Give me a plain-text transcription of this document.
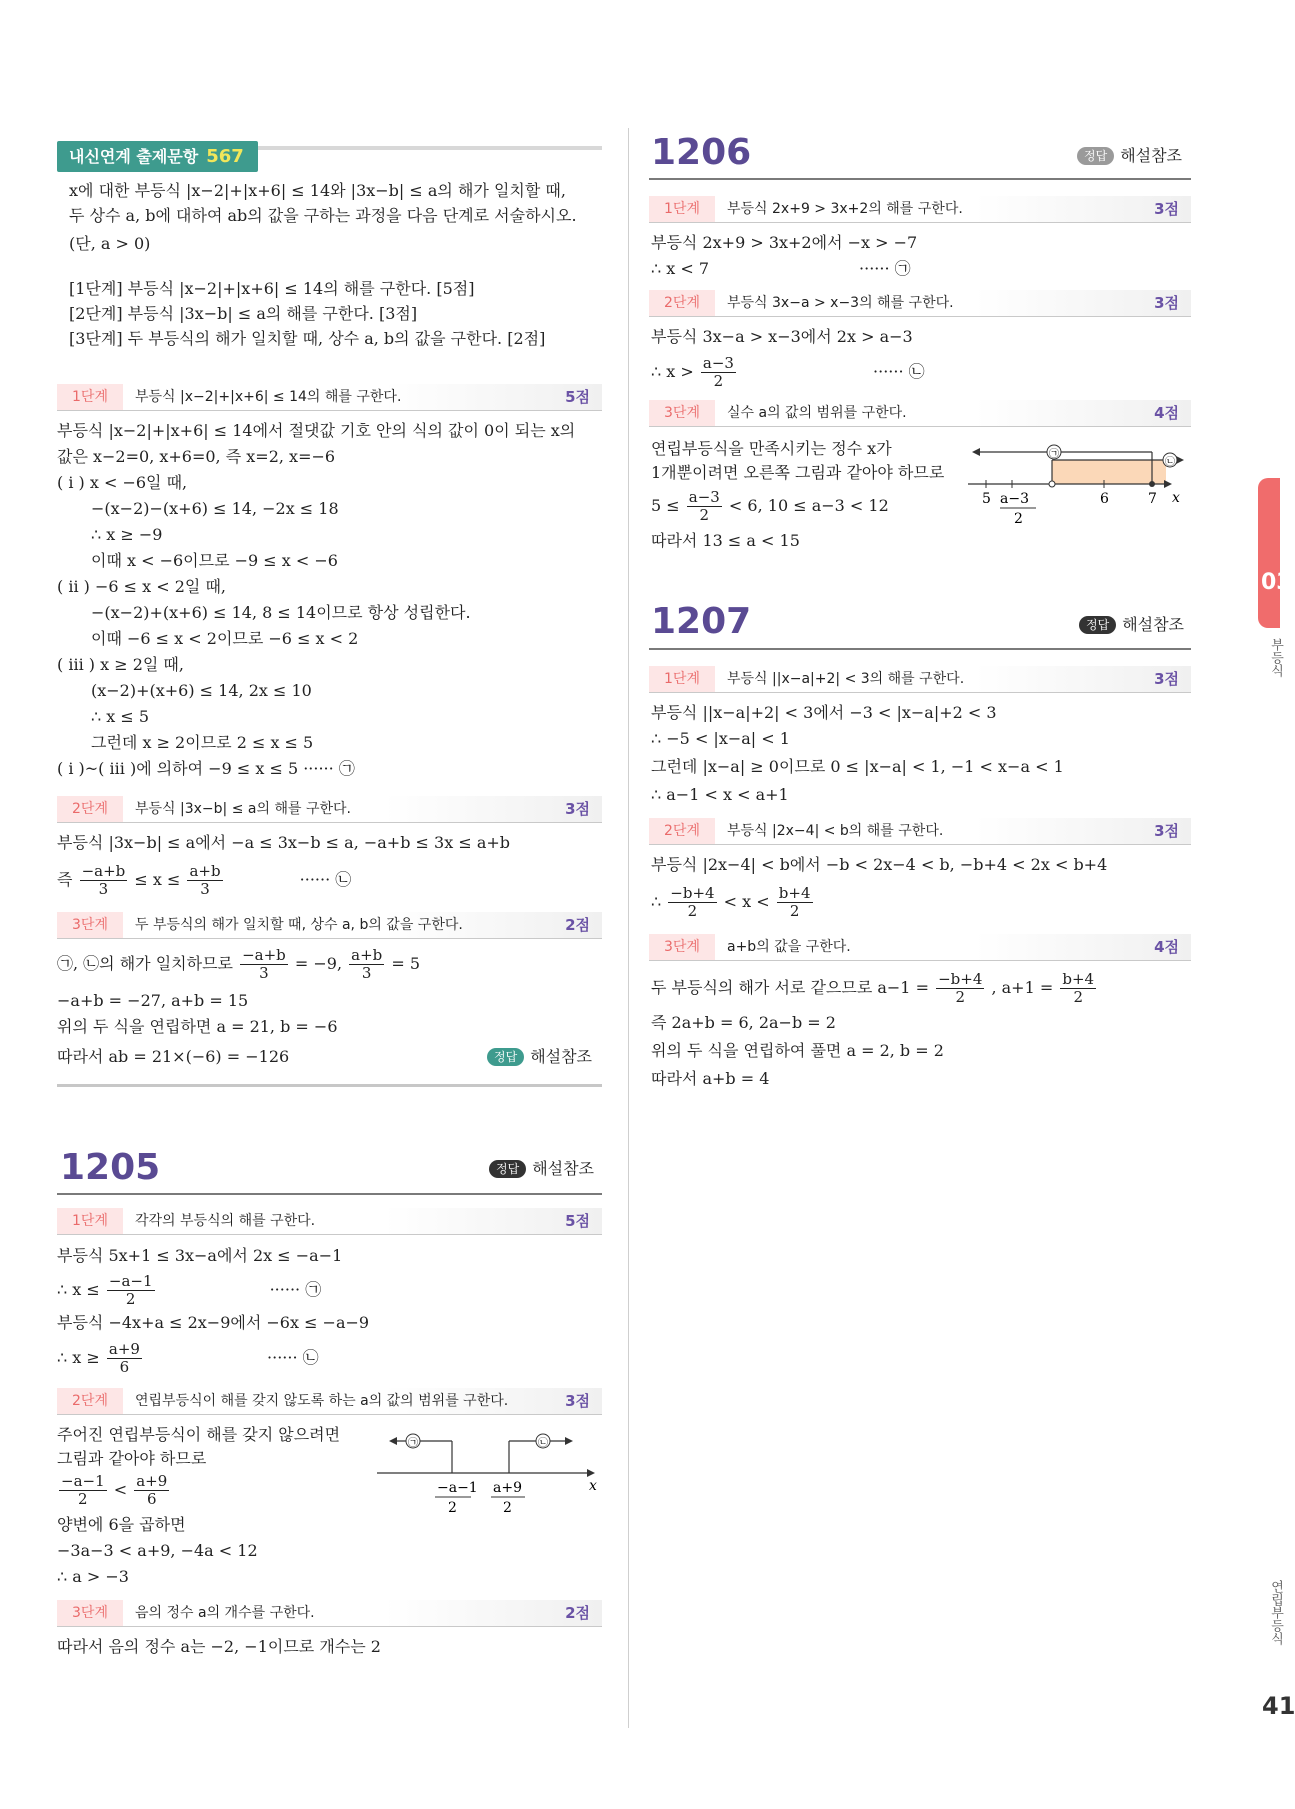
내신연계 출제문항 567
x에 대한 부등식 |x−2|+|x+6| ≤ 14와 |3x−b| ≤ a의 해가 일치할 때,
두 상수 a, b에 대하여 ab의 값을 구하는 과정을 다음 단계로 서술하시오.
(단, a > 0)
[1단계] 부등식 |x−2|+|x+6| ≤ 14의 해를 구한다. [5점]
[2단계] 부등식 |3x−b| ≤ a의 해를 구한다. [3점]
[3단계] 두 부등식의 해가 일치할 때, 상수 a, b의 값을 구한다. [2점]
1단계	부등식 |x−2|+|x+6| ≤ 14의 해를 구한다.	5점
부등식 |x−2|+|x+6| ≤ 14에서 절댓값 기호 안의 식의 값이 0이 되는 x의
값은 x−2=0, x+6=0, 즉 x=2, x=−6
( i ) x < −6일 때,
−(x−2)−(x+6) ≤ 14, −2x ≤ 18
∴ x ≥ −9
이때 x < −6이므로 −9 ≤ x < −6
( ii ) −6 ≤ x < 2일 때,
−(x−2)+(x+6) ≤ 14, 8 ≤ 14이므로 항상 성립한다.
이때 −6 ≤ x < 2이므로 −6 ≤ x < 2
( iii ) x ≥ 2일 때,
(x−2)+(x+6) ≤ 14, 2x ≤ 10
∴ x ≤ 5
그런데 x ≥ 2이므로 2 ≤ x ≤ 5
( i )~( iii )에 의하여 −9 ≤ x ≤ 5 ······ ㉠
2단계	부등식 |3x−b| ≤ a의 해를 구한다.	3점
부등식 |3x−b| ≤ a에서 −a ≤ 3x−b ≤ a, −a+b ≤ 3x ≤ a+b
즉 $\frac{-a+b}{3} \le x \le \frac{a+b}{3}$	······ ㉡
3단계	두 부등식의 해가 일치할 때, 상수 a, b의 값을 구한다.	2점
㉠, ㉡의 해가 일치하므로 $\frac{-a+b}{3} = -9$, $\frac{a+b}{3} = 5$
−a+b = −27, a+b = 15
위의 두 식을 연립하면 a = 21, b = −6
따라서 ab = 21×(−6) = −126	정답 해설참조
1205	정답 해설참조
1단계	각각의 부등식의 해를 구한다.	5점
부등식 5x+1 ≤ 3x−a에서 2x ≤ −a−1
∴ $x \le \frac{-a-1}{2}$	······ ㉠
부등식 −4x+a ≤ 2x−9에서 −6x ≤ −a−9
∴ $x \ge \frac{a+9}{6}$	······ ㉡
2단계	연립부등식이 해를 갖지 않도록 하는 a의 값의 범위를 구한다.	3점
주어진 연립부등식이 해를 갖지 않으려면
그림과 같아야 하므로
$\frac{-a-1}{2} < \frac{a+9}{6}$
양변에 6을 곱하면
−3a−3 < a+9, −4a < 12
∴ a > −3
㉠	㉡
−a−1
2
a+9
2
x
3단계	음의 정수 a의 개수를 구한다.	2점
따라서 음의 정수 a는 −2, −1이므로 개수는 2
1206	정답 해설참조
1단계	부등식 2x+9 > 3x+2의 해를 구한다.	3점
부등식 2x+9 > 3x+2에서 −x > −7
∴ x < 7	······ ㉠
2단계	부등식 3x−a > x−3의 해를 구한다.	3점
부등식 3x−a > x−3에서 2x > a−3
∴ $x > \frac{a-3}{2}$	······ ㉡
3단계	실수 a의 값의 범위를 구한다.	4점
연립부등식을 만족시키는 정수 x가
1개뿐이려면 오른쪽 그림과 같아야 하므로
$5 \le \frac{a-3}{2} < 6$, 10 ≤ a−3 < 12
따라서 13 ≤ a < 15
㉠
㉡
5 a−3
2
6	7 x
1207	정답 해설참조
1단계	부등식 ||x−a|+2| < 3의 해를 구한다.	3점
부등식 ||x−a|+2| < 3에서 −3 < |x−a|+2 < 3
∴ −5 < |x−a| < 1
그런데 |x−a| ≥ 0이므로 0 ≤ |x−a| < 1, −1 < x−a < 1
∴ a−1 < x < a+1
2단계	부등식 |2x−4| < b의 해를 구한다.	3점
부등식 |2x−4| < b에서 −b < 2x−4 < b, −b+4 < 2x < b+4
∴ $\frac{-b+4}{2} < x < \frac{b+4}{2}$
3단계	a+b의 값을 구한다.	4점
두 부등식의 해가 서로 같으므로 $a-1 = \frac{-b+4}{2}$ , $a+1 = \frac{b+4}{2}$
즉 2a+b = 6, 2a−b = 2
위의 두 식을 연립하여 풀면 a = 2, b = 2
따라서 a+b = 4
03
부등식
연립부등식
41
